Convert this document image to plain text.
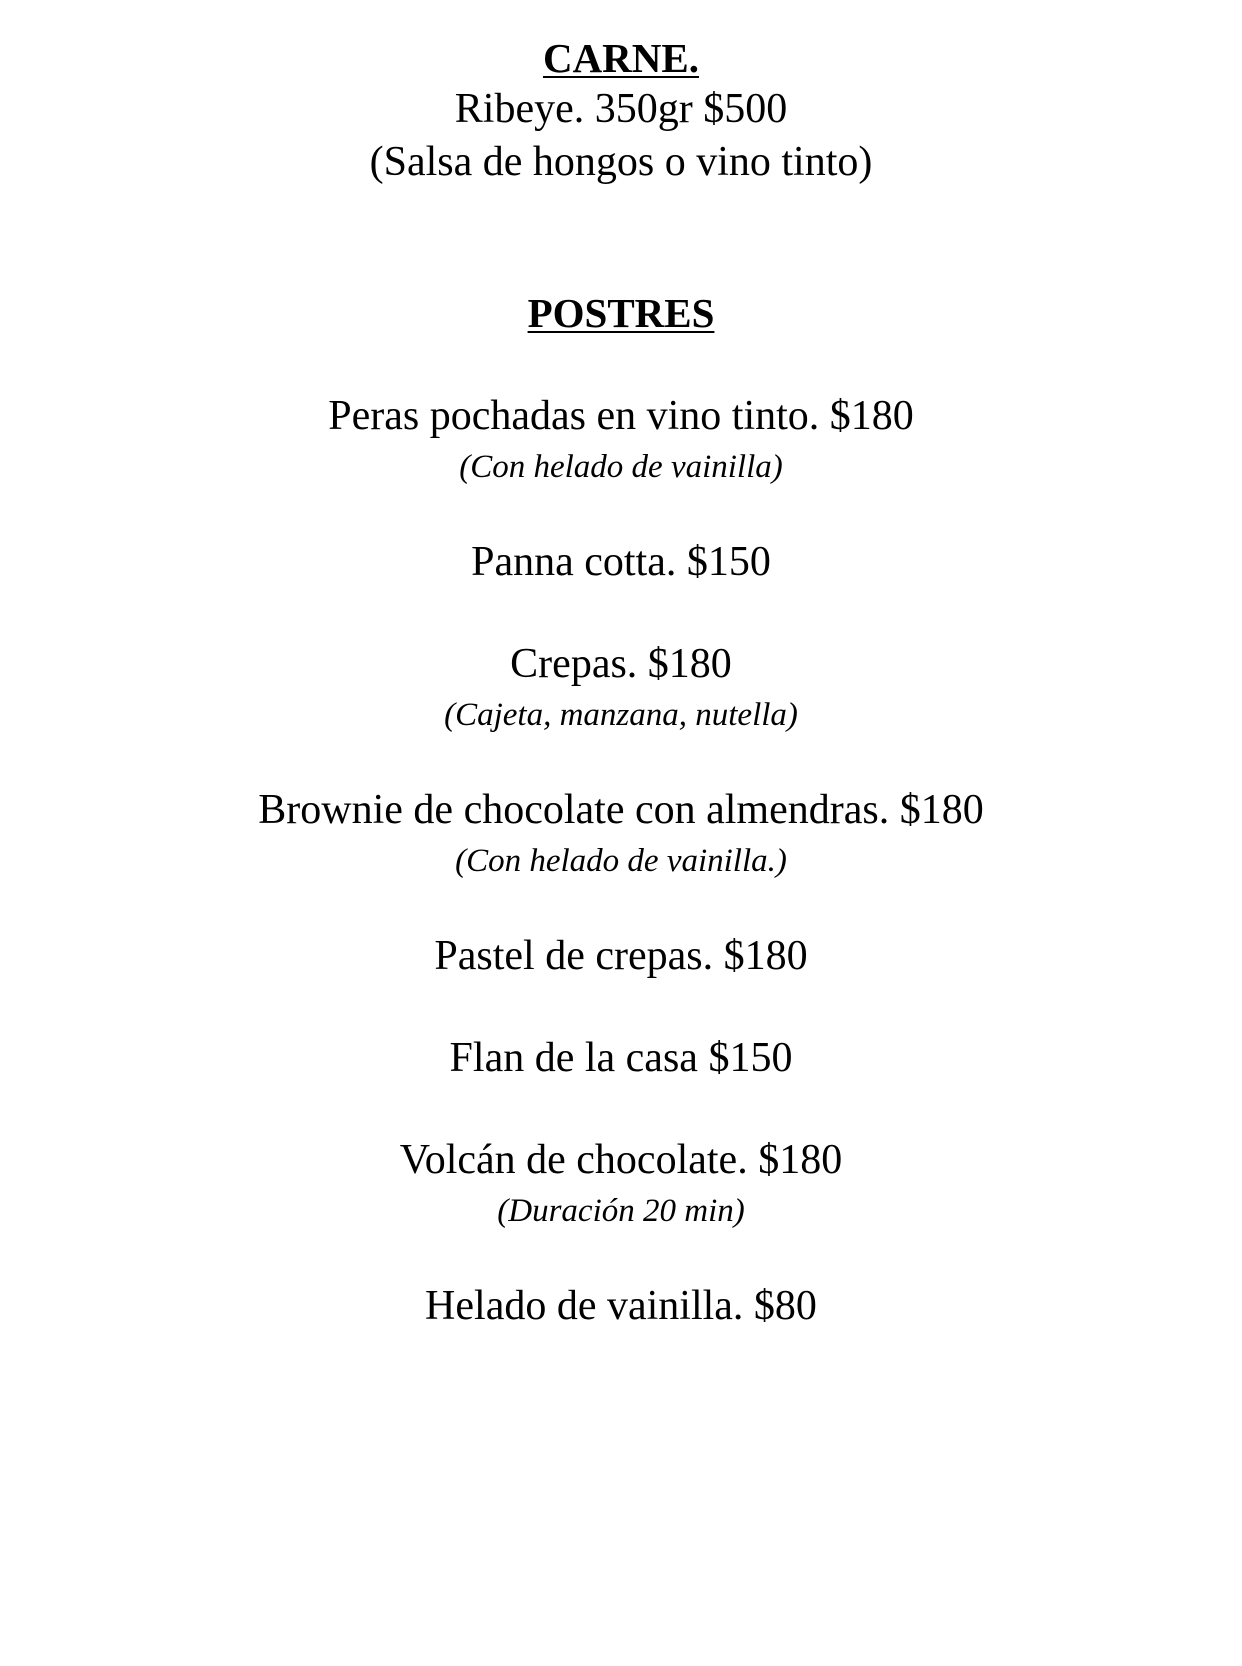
CARNE.
Ribeye. 350gr $500
(Salsa de hongos o vino tinto)
POSTRES
Peras pochadas en vino tinto. $180
(Con helado de vainilla)
Panna cotta. $150
Crepas. $180
(Cajeta, manzana, nutella)
Brownie de chocolate con almendras. $180
(Con helado de vainilla.)
Pastel de crepas. $180
Flan de la casa $150
Volcán de chocolate. $180
(Duración 20 min)
Helado de vainilla. $80
